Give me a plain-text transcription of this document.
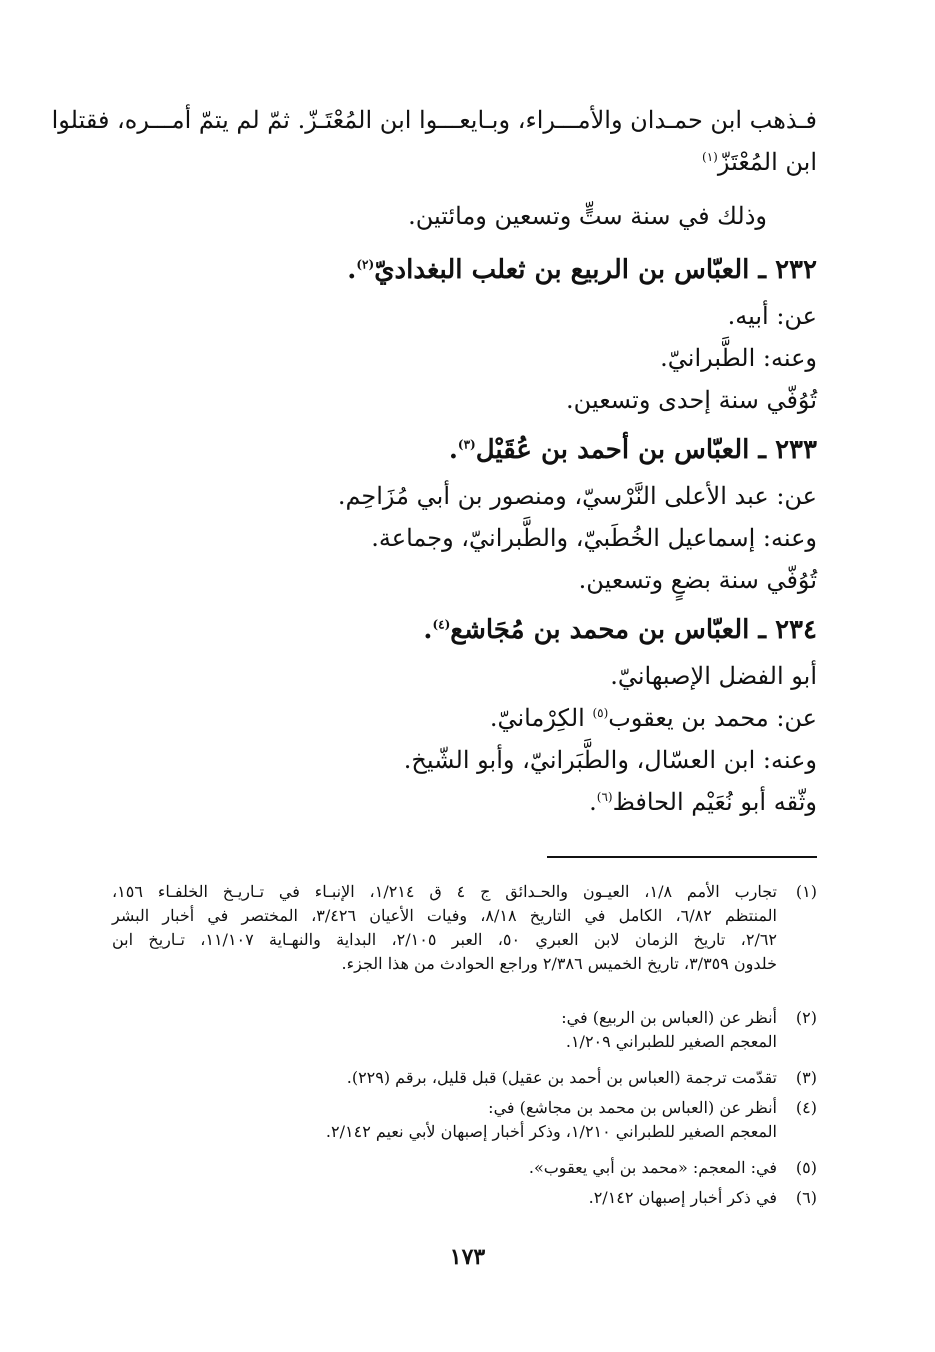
فـذهب ابن حمـدان والأمـــراء، وبـايعـــوا ابن المُعْتَـزّ. ثمّ لم يتمّ أمـــره، فقتلوا
ابن المُعْتَزّ$^{(١)}$
وذلك في سنة ستٍّ وتسعين ومائتين.
٢٣٢ ـ العبّاس بن الربيع بن ثعلب البغداديّ$^{(٢)}$.
عن: أبيه.
وعنه: الطَّبرانيّ.
تُوُفّي سنة إحدى وتسعين.
٢٣٣ ـ العبّاس بن أحمد بن عُقَيْل$^{(٣)}$.
عن: عبد الأعلى النَّرْسيّ، ومنصور بن أبي مُزَاحِم.
وعنه: إسماعيل الخُطَبيّ، والطَّبرانيّ، وجماعة.
تُوُفّي سنة بضعٍ وتسعين.
٢٣٤ ـ العبّاس بن محمد بن مُجَاشع$^{(٤)}$.
أبو الفضل الإصبهانيّ.
عن: محمد بن يعقوب$^{(٥)}$ الكِرْمانيّ.
وعنه: ابن العسّال، والطَّبَرانيّ، وأبو الشّيخ.
وثّقه أبو نُعَيْم الحافظ$^{(٦)}$.
(١)
تجارب الأمم ١/٨، العيـون والحـدائق ج ٤ ق ١/٢١٤، الإنبـاء في تـاريـخ الخلفـاء ١٥٦،
المنتظم ٦/٨٢، الكامل في التاريخ ٨/١٨، وفيات الأعيان ٣/٤٢٦، المختصر في أخبار البشر
٢/٦٢، تاريخ الزمان لابن العبري ٥٠، العبر ٢/١٠٥، البداية والنهـاية ١١/١٠٧، تـاريخ ابن
خلدون ٣/٣٥٩، تاريخ الخميس ٢/٣٨٦ وراجع الحوادث من هذا الجزء.
(٢)
أنظر عن (العباس بن الربيع) في:
المعجم الصغير للطبراني ١/٢٠٩.
(٣)
تقدّمت ترجمة (العباس بن أحمد بن عقيل) قبل قليل، برقم (٢٢٩).
(٤)
أنظر عن (العباس بن محمد بن مجاشع) في:
المعجم الصغير للطبراني ١/٢١٠، وذكر أخبار إصبهان لأبي نعيم ٢/١٤٢.
(٥)
في: المعجم: «محمد بن أبي يعقوب».
(٦)
في ذكر أخبار إصبهان ٢/١٤٢.
١٧٣
